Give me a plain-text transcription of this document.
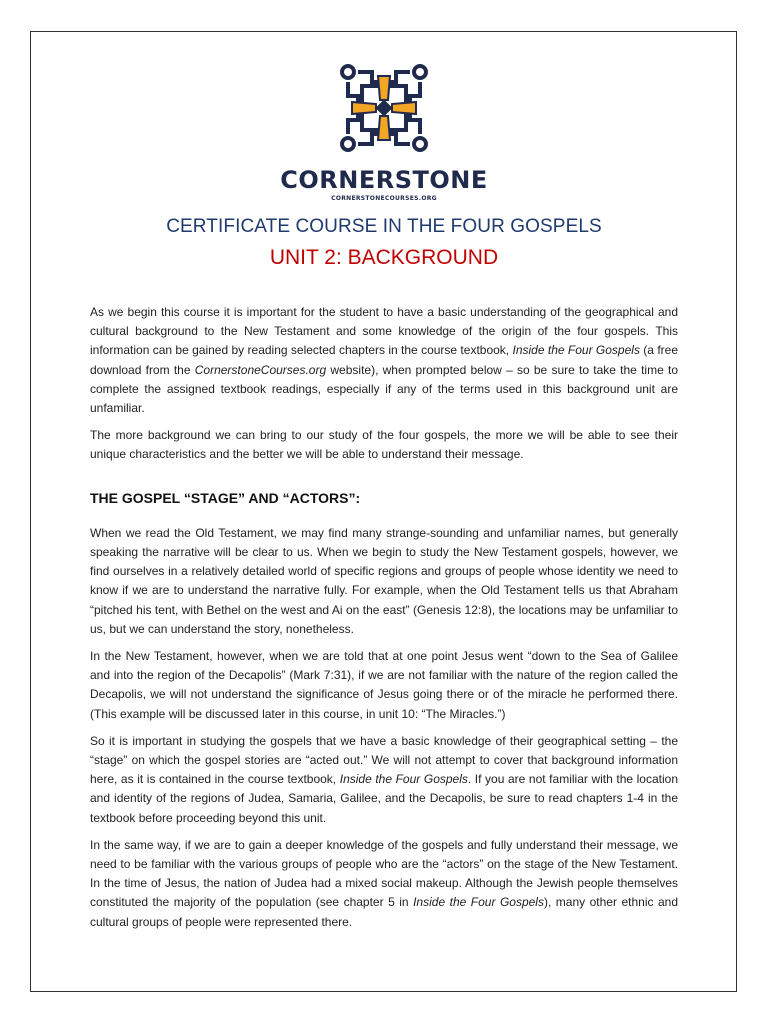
CORNERSTONE
CORNERSTONECOURSES.ORG
CERTIFICATE COURSE IN THE FOUR GOSPELS
UNIT 2: BACKGROUND

As we begin this course it is important for the student to have a basic understanding of the geographical and cultural background to the New Testament and some knowledge of the origin of the four gospels. This information can be gained by reading selected chapters in the course textbook, Inside the Four Gospels (a free download from the CornerstoneCourses.org website), when prompted below – so be sure to take the time to complete the assigned textbook readings, especially if any of the terms used in this background unit are unfamiliar.

The more background we can bring to our study of the four gospels, the more we will be able to see their unique characteristics and the better we will be able to understand their message.

THE GOSPEL “STAGE” AND “ACTORS”:

When we read the Old Testament, we may find many strange-sounding and unfamiliar names, but generally speaking the narrative will be clear to us. When we begin to study the New Testament gospels, however, we find ourselves in a relatively detailed world of specific regions and groups of people whose identity we need to know if we are to understand the narrative fully. For example, when the Old Testament tells us that Abraham “pitched his tent, with Bethel on the west and Ai on the east” (Genesis 12:8), the locations may be unfamiliar to us, but we can understand the story, nonetheless.

In the New Testament, however, when we are told that at one point Jesus went “down to the Sea of Galilee and into the region of the Decapolis” (Mark 7:31), if we are not familiar with the nature of the region called the Decapolis, we will not understand the significance of Jesus going there or of the miracle he performed there. (This example will be discussed later in this course, in unit 10: “The Miracles.”)

So it is important in studying the gospels that we have a basic knowledge of their geographical setting – the “stage” on which the gospel stories are “acted out.” We will not attempt to cover that background information here, as it is contained in the course textbook, Inside the Four Gospels. If you are not familiar with the location and identity of the regions of Judea, Samaria, Galilee, and the Decapolis, be sure to read chapters 1-4 in the textbook before proceeding beyond this unit.

In the same way, if we are to gain a deeper knowledge of the gospels and fully understand their message, we need to be familiar with the various groups of people who are the “actors” on the stage of the New Testament. In the time of Jesus, the nation of Judea had a mixed social makeup. Although the Jewish people themselves constituted the majority of the population (see chapter 5 in Inside the Four Gospels), many other ethnic and cultural groups of people were represented there.
